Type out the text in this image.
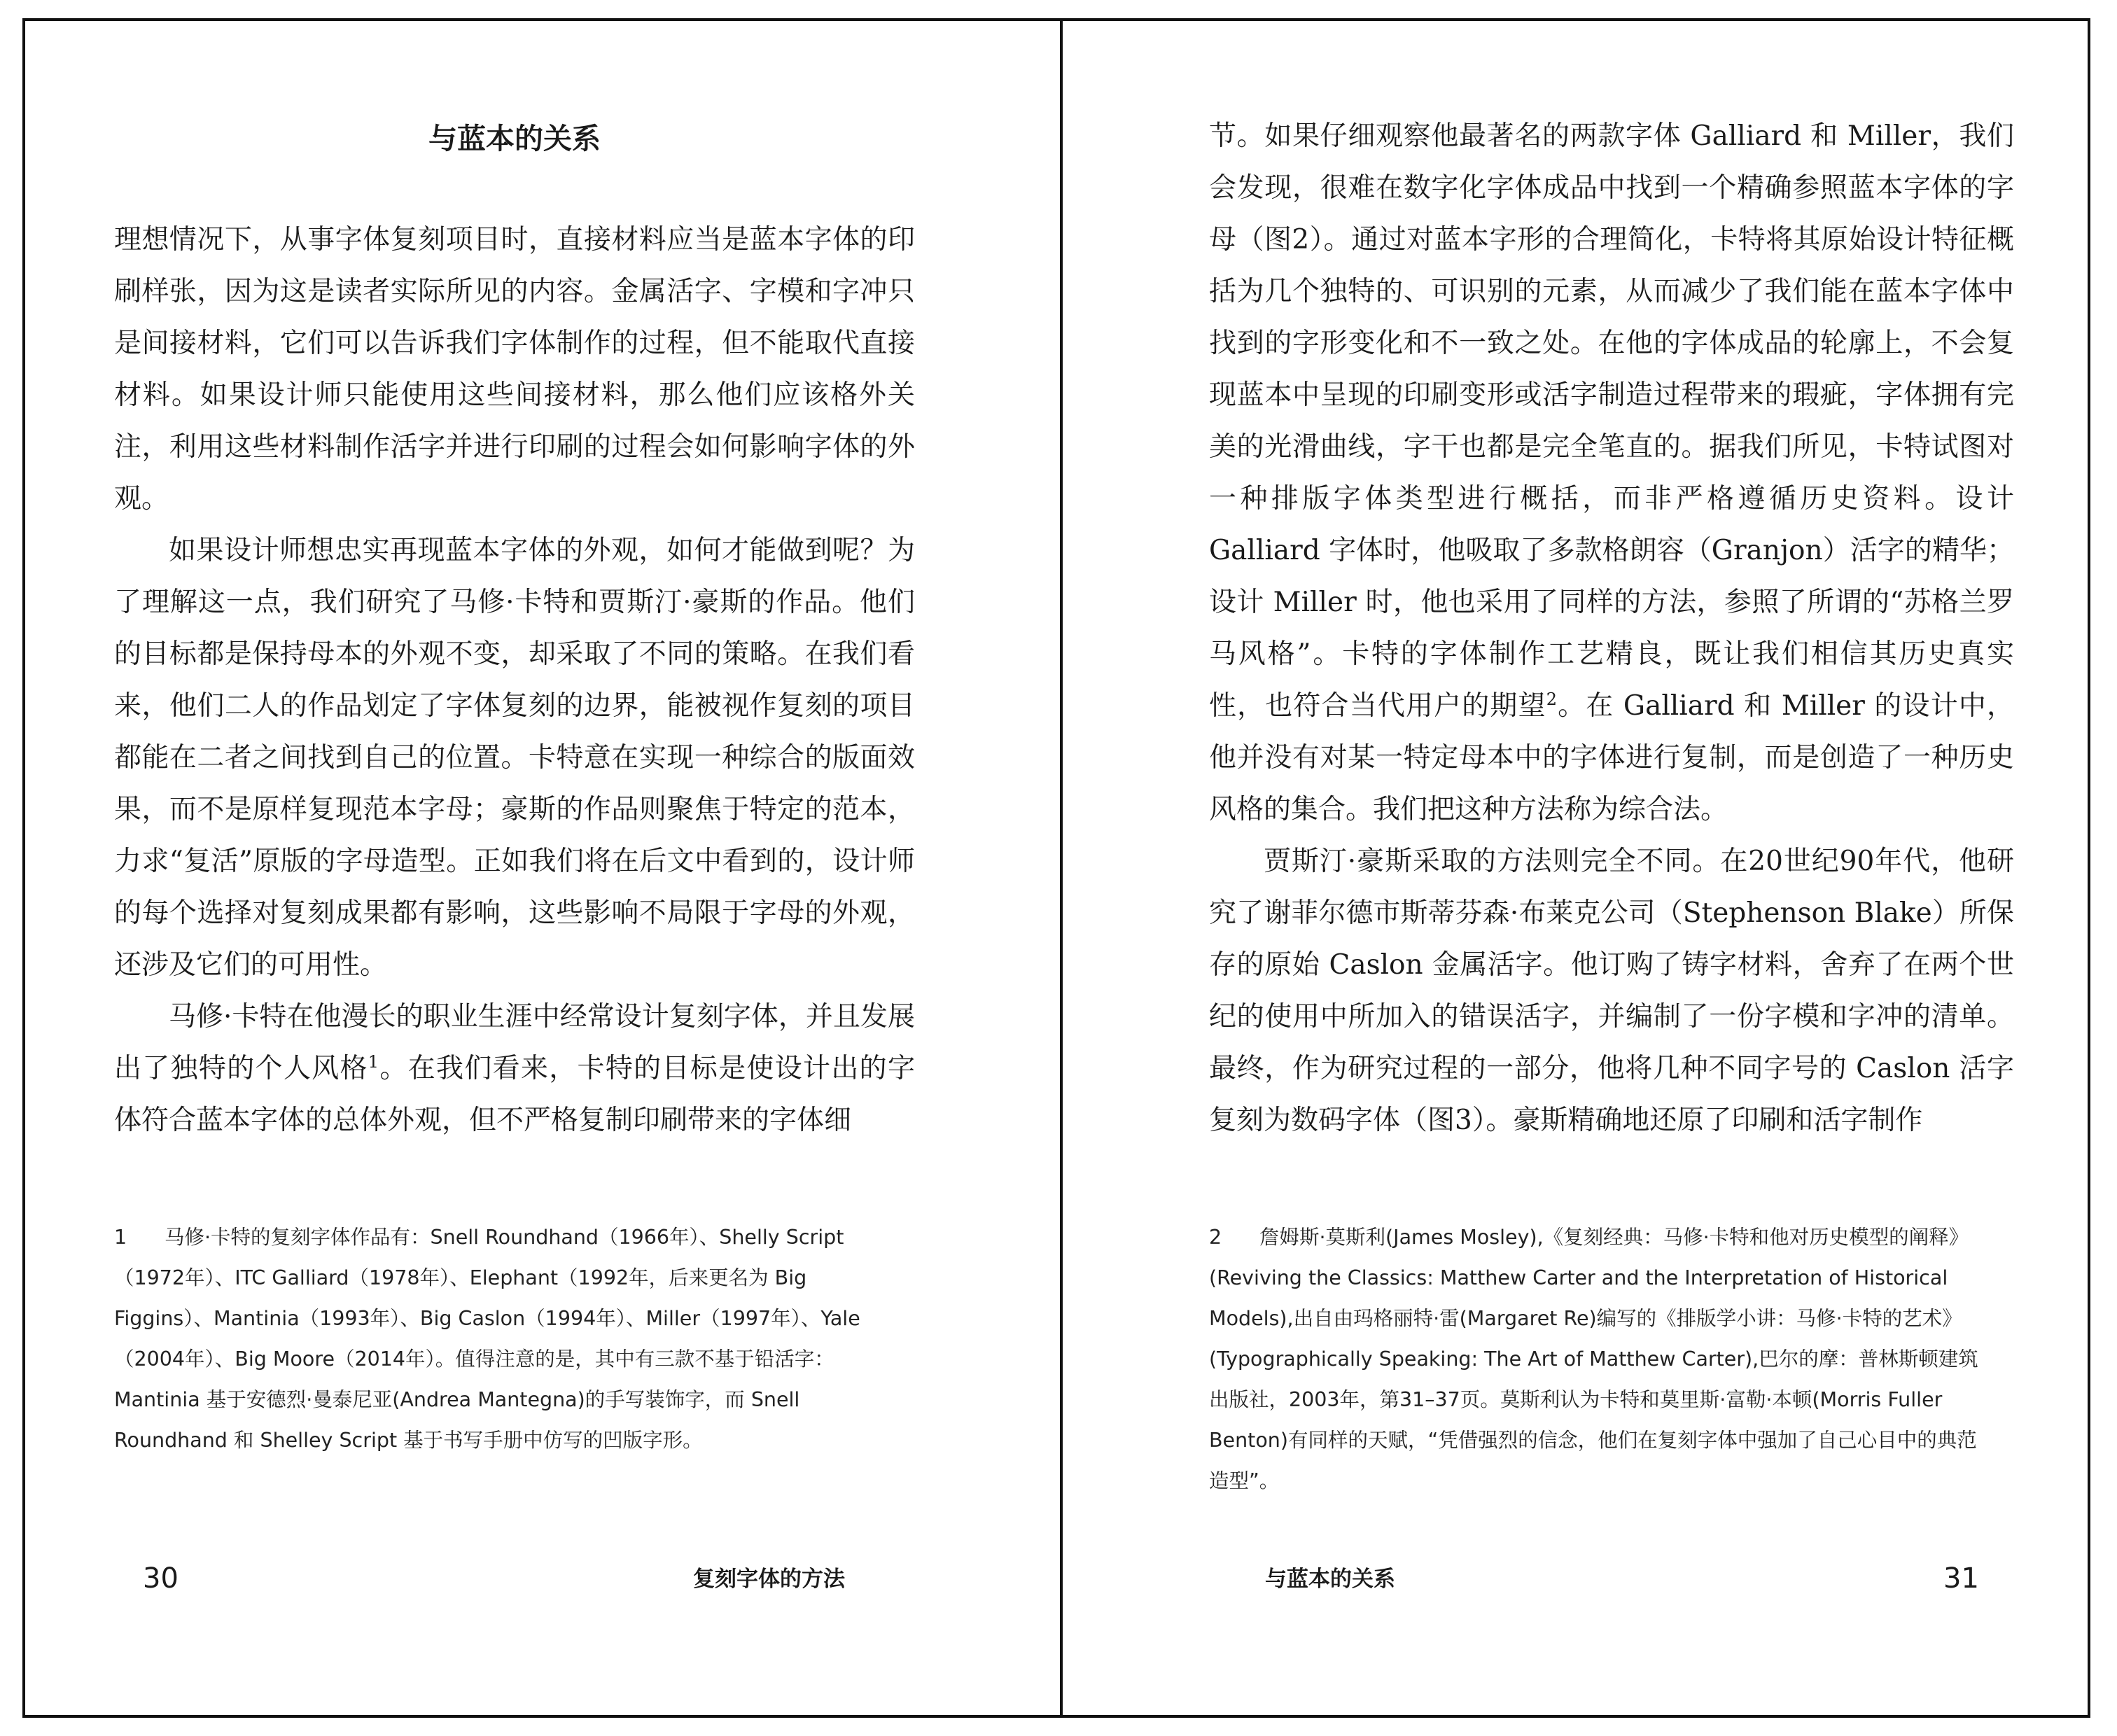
与蓝本的关系

理想情况下，从事字体复刻项目时，直接材料应当是蓝本字体的印刷样张，因为这是读者实际所见的内容。金属活字、字模和字冲只是间接材料，它们可以告诉我们字体制作的过程，但不能取代直接材料。如果设计师只能使用这些间接材料，那么他们应该格外关注，利用这些材料制作活字并进行印刷的过程会如何影响字体的外观。

如果设计师想忠实再现蓝本字体的外观，如何才能做到呢？为了理解这一点，我们研究了马修·卡特和贾斯汀·豪斯的作品。他们的目标都是保持母本的外观不变，却采取了不同的策略。在我们看来，他们二人的作品划定了字体复刻的边界，能被视作复刻的项目都能在二者之间找到自己的位置。卡特意在实现一种综合的版面效果，而不是原样复现范本字母；豪斯的作品则聚焦于特定的范本，力求“复活”原版的字母造型。正如我们将在后文中看到的，设计师的每个选择对复刻成果都有影响，这些影响不局限于字母的外观，还涉及它们的可用性。

马修·卡特在他漫长的职业生涯中经常设计复刻字体，并且发展出了独特的个人风格$^1$。在我们看来，卡特的目标是使设计出的字体符合蓝本字体的总体外观，但不严格复制印刷带来的字体细

1 马修·卡特的复刻字体作品有：Snell Roundhand（1966年）、Shelly Script（1972年）、ITC Galliard（1978年）、Elephant（1992年，后来更名为 Big Figgins）、Mantinia（1993年）、Big Caslon（1994年）、Miller（1997年）、Yale（2004年）、Big Moore（2014年）。值得注意的是，其中有三款不基于铅活字：Mantinia 基于安德烈·曼泰尼亚(Andrea Mantegna)的手写装饰字，而 Snell Roundhand 和 Shelley Script 基于书写手册中仿写的凹版字形。

30	复刻字体的方法

节。如果仔细观察他最著名的两款字体 Galliard 和 Miller，我们会发现，很难在数字化字体成品中找到一个精确参照蓝本字体的字母（图2）。通过对蓝本字形的合理简化，卡特将其原始设计特征概括为几个独特的、可识别的元素，从而减少了我们能在蓝本字体中找到的字形变化和不一致之处。在他的字体成品的轮廓上，不会复现蓝本中呈现的印刷变形或活字制造过程带来的瑕疵，字体拥有完美的光滑曲线，字干也都是完全笔直的。据我们所见，卡特试图对一种排版字体类型进行概括，而非严格遵循历史资料。设计 Galliard 字体时，他吸取了多款格朗容（Granjon）活字的精华；设计 Miller 时，他也采用了同样的方法，参照了所谓的“苏格兰罗马风格”。卡特的字体制作工艺精良，既让我们相信其历史真实性，也符合当代用户的期望$^2$。在 Galliard 和 Miller 的设计中，他并没有对某一特定母本中的字体进行复制，而是创造了一种历史风格的集合。我们把这种方法称为综合法。

贾斯汀·豪斯采取的方法则完全不同。在20世纪90年代，他研究了谢菲尔德市斯蒂芬森·布莱克公司（Stephenson Blake）所保存的原始 Caslon 金属活字。他订购了铸字材料，舍弃了在两个世纪的使用中所加入的错误活字，并编制了一份字模和字冲的清单。最终，作为研究过程的一部分，他将几种不同字号的 Caslon 活字复刻为数码字体（图3）。豪斯精确地还原了印刷和活字制作

2 詹姆斯·莫斯利(James Mosley),《复刻经典：马修·卡特和他对历史模型的阐释》(Reviving the Classics: Matthew Carter and the Interpretation of Historical Models),出自由玛格丽特·雷(Margaret Re)编写的《排版学小讲：马修·卡特的艺术》(Typographically Speaking: The Art of Matthew Carter),巴尔的摩：普林斯顿建筑出版社，2003年，第31–37页。莫斯利认为卡特和莫里斯·富勒·本顿(Morris Fuller Benton)有同样的天赋，“凭借强烈的信念，他们在复刻字体中强加了自己心目中的典范造型”。

与蓝本的关系	31
